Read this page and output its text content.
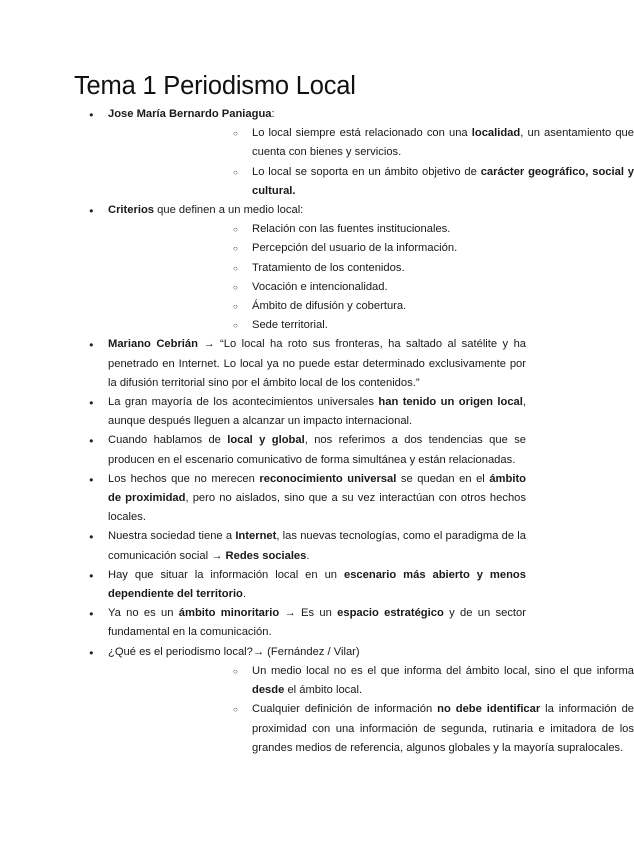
Tema 1 Periodismo Local
● Jose María Bernardo Paniagua:
○ Lo local siempre está relacionado con una localidad, un asentamiento que cuenta con bienes y servicios.
○ Lo local se soporta en un ámbito objetivo de carácter geográfico, social y cultural.
● Criterios que definen a un medio local:
○ Relación con las fuentes institucionales.
○ Percepción del usuario de la información.
○ Tratamiento de los contenidos.
○ Vocación e intencionalidad.
○ Ámbito de difusión y cobertura.
○ Sede territorial.
● Mariano Cebrián → “Lo local ha roto sus fronteras, ha saltado al satélite y ha penetrado en Internet. Lo local ya no puede estar determinado exclusivamente por la difusión territorial sino por el ámbito local de los contenidos.”
● La gran mayoría de los acontecimientos universales han tenido un origen local, aunque después lleguen a alcanzar un impacto internacional.
● Cuando hablamos de local y global, nos referimos a dos tendencias que se producen en el escenario comunicativo de forma simultánea y están relacionadas.
● Los hechos que no merecen reconocimiento universal se quedan en el ámbito de proximidad, pero no aislados, sino que a su vez interactúan con otros hechos locales.
● Nuestra sociedad tiene a Internet, las nuevas tecnologías, como el paradigma de la comunicación social → Redes sociales.
● Hay que situar la información local en un escenario más abierto y menos dependiente del territorio.
● Ya no es un ámbito minoritario → Es un espacio estratégico y de un sector fundamental en la comunicación.
● ¿Qué es el periodismo local?→ (Fernández / Vilar)
○ Un medio local no es el que informa del ámbito local, sino el que informa desde el ámbito local.
○ Cualquier definición de información no debe identificar la información de proximidad con una información de segunda, rutinaria e imitadora de los grandes medios de referencia, algunos globales y la mayoría supralocales.
